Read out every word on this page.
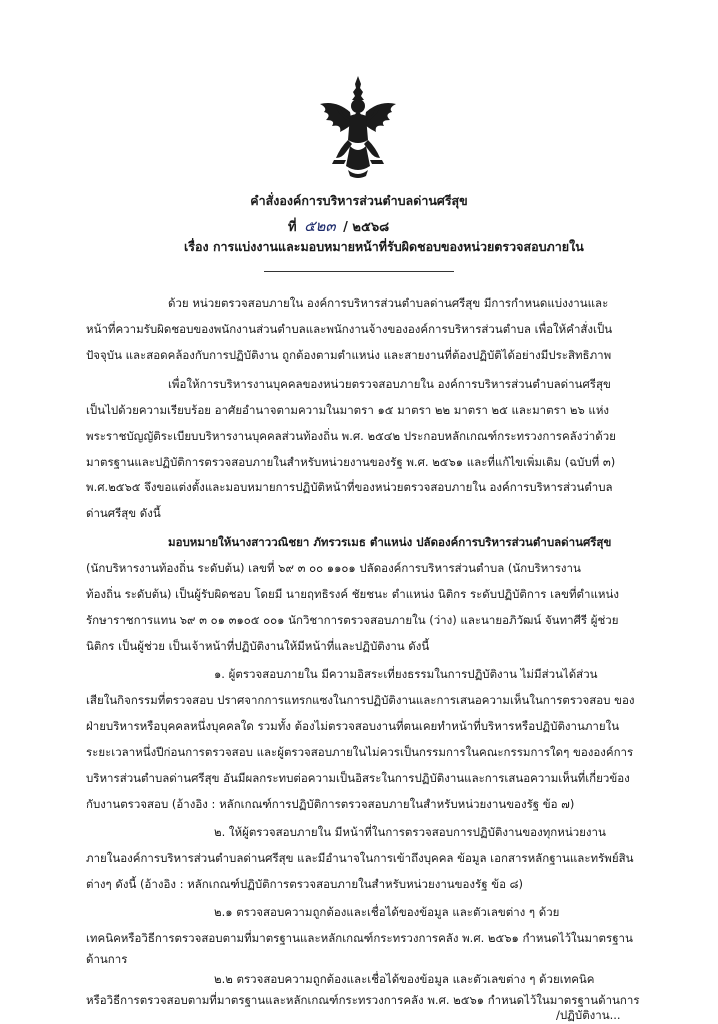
คำสั่งองค์การบริหารส่วนตำบลด่านศรีสุข
ที่ ๕๒๓ / ๒๕๖๘
เรื่อง การแบ่งงานและมอบหมายหน้าที่รับผิดชอบของหน่วยตรวจสอบภายใน
ด้วย หน่วยตรวจสอบภายใน องค์การบริหารส่วนตำบลด่านศรีสุข มีการกำหนดแบ่งงานและ
หน้าที่ความรับผิดชอบของพนักงานส่วนตำบลและพนักงานจ้างขององค์การบริหารส่วนตำบล เพื่อให้คำสั่งเป็น
ปัจจุบัน และสอดคล้องกับการปฏิบัติงาน ถูกต้องตามตำแหน่ง และสายงานที่ต้องปฏิบัติได้อย่างมีประสิทธิภาพ
เพื่อให้การบริหารงานบุคคลของหน่วยตรวจสอบภายใน องค์การบริหารส่วนตำบลด่านศรีสุข
เป็นไปด้วยความเรียบร้อย อาศัยอำนาจตามความในมาตรา ๑๕ มาตรา ๒๒ มาตรา ๒๕ และมาตรา ๒๖ แห่ง
พระราชบัญญัติระเบียบบริหารงานบุคคลส่วนท้องถิ่น พ.ศ. ๒๕๔๒ ประกอบหลักเกณฑ์กระทรวงการคลังว่าด้วย
มาตรฐานและปฏิบัติการตรวจสอบภายในสำหรับหน่วยงานของรัฐ พ.ศ. ๒๕๖๑ และที่แก้ไขเพิ่มเติม (ฉบับที่ ๓)
พ.ศ.๒๕๖๕ จึงขอแต่งตั้งและมอบหมายการปฏิบัติหน้าที่ของหน่วยตรวจสอบภายใน องค์การบริหารส่วนตำบล
ด่านศรีสุข ดังนี้
มอบหมายให้นางสาววณิชยา ภัทรวรเมธ ตำแหน่ง ปลัดองค์การบริหารส่วนตำบลด่านศรีสุข
(นักบริหารงานท้องถิ่น ระดับต้น) เลขที่ ๖๙ ๓ ๐๐ ๑๑๐๑ ปลัดองค์การบริหารส่วนตำบล (นักบริหารงาน
ท้องถิ่น ระดับต้น) เป็นผู้รับผิดชอบ โดยมี นายฤทธิรงค์ ชัยชนะ ตำแหน่ง นิติกร ระดับปฏิบัติการ เลขที่ตำแหน่ง
รักษาราชการแทน ๖๙ ๓ ๐๑ ๓๑๐๕ ๐๐๑ นักวิชาการตรวจสอบภายใน (ว่าง) และนายอภิวัฒน์ จันทาศีรี ผู้ช่วย
นิติกร เป็นผู้ช่วย เป็นเจ้าหน้าที่ปฏิบัติงานให้มีหน้าที่และปฏิบัติงาน ดังนี้
๑. ผู้ตรวจสอบภายใน มีความอิสระเที่ยงธรรมในการปฏิบัติงาน ไม่มีส่วนได้ส่วน
เสียในกิจกรรมที่ตรวจสอบ ปราศจากการแทรกแซงในการปฏิบัติงานและการเสนอความเห็นในการตรวจสอบ ของ
ฝ่ายบริหารหรือบุคคลหนึ่งบุคคลใด รวมทั้ง ต้องไม่ตรวจสอบงานที่ตนเคยทำหน้าที่บริหารหรือปฏิบัติงานภายใน
ระยะเวลาหนึ่งปีก่อนการตรวจสอบ และผู้ตรวจสอบภายในไม่ควรเป็นกรรมการในคณะกรรมการใดๆ ขององค์การ
บริหารส่วนตำบลด่านศรีสุข อันมีผลกระทบต่อความเป็นอิสระในการปฏิบัติงานและการเสนอความเห็นที่เกี่ยวข้อง
กับงานตรวจสอบ (อ้างอิง : หลักเกณฑ์การปฏิบัติการตรวจสอบภายในสำหรับหน่วยงานของรัฐ ข้อ ๗)
๒. ให้ผู้ตรวจสอบภายใน มีหน้าที่ในการตรวจสอบการปฏิบัติงานของทุกหน่วยงาน
ภายในองค์การบริหารส่วนตำบลด่านศรีสุข และมีอำนาจในการเข้าถึงบุคคล ข้อมูล เอกสารหลักฐานและทรัพย์สิน
ต่างๆ ดังนี้ (อ้างอิง : หลักเกณฑ์ปฏิบัติการตรวจสอบภายในสำหรับหน่วยงานของรัฐ ข้อ ๘)
๒.๑ ตรวจสอบความถูกต้องและเชื่อได้ของข้อมูล และตัวเลขต่าง ๆ ด้วย
เทคนิคหรือวิธีการตรวจสอบตามที่มาตรฐานและหลักเกณฑ์กระทรวงการคลัง พ.ศ. ๒๕๖๑ กำหนดไว้ในมาตรฐาน
ด้านการ
๒.๒ ตรวจสอบความถูกต้องและเชื่อได้ของข้อมูล และตัวเลขต่าง ๆ ด้วยเทคนิค
หรือวิธีการตรวจสอบตามที่มาตรฐานและหลักเกณฑ์กระทรวงการคลัง พ.ศ. ๒๕๖๑ กำหนดไว้ในมาตรฐานด้านการ
/ปฏิบัติงาน...
